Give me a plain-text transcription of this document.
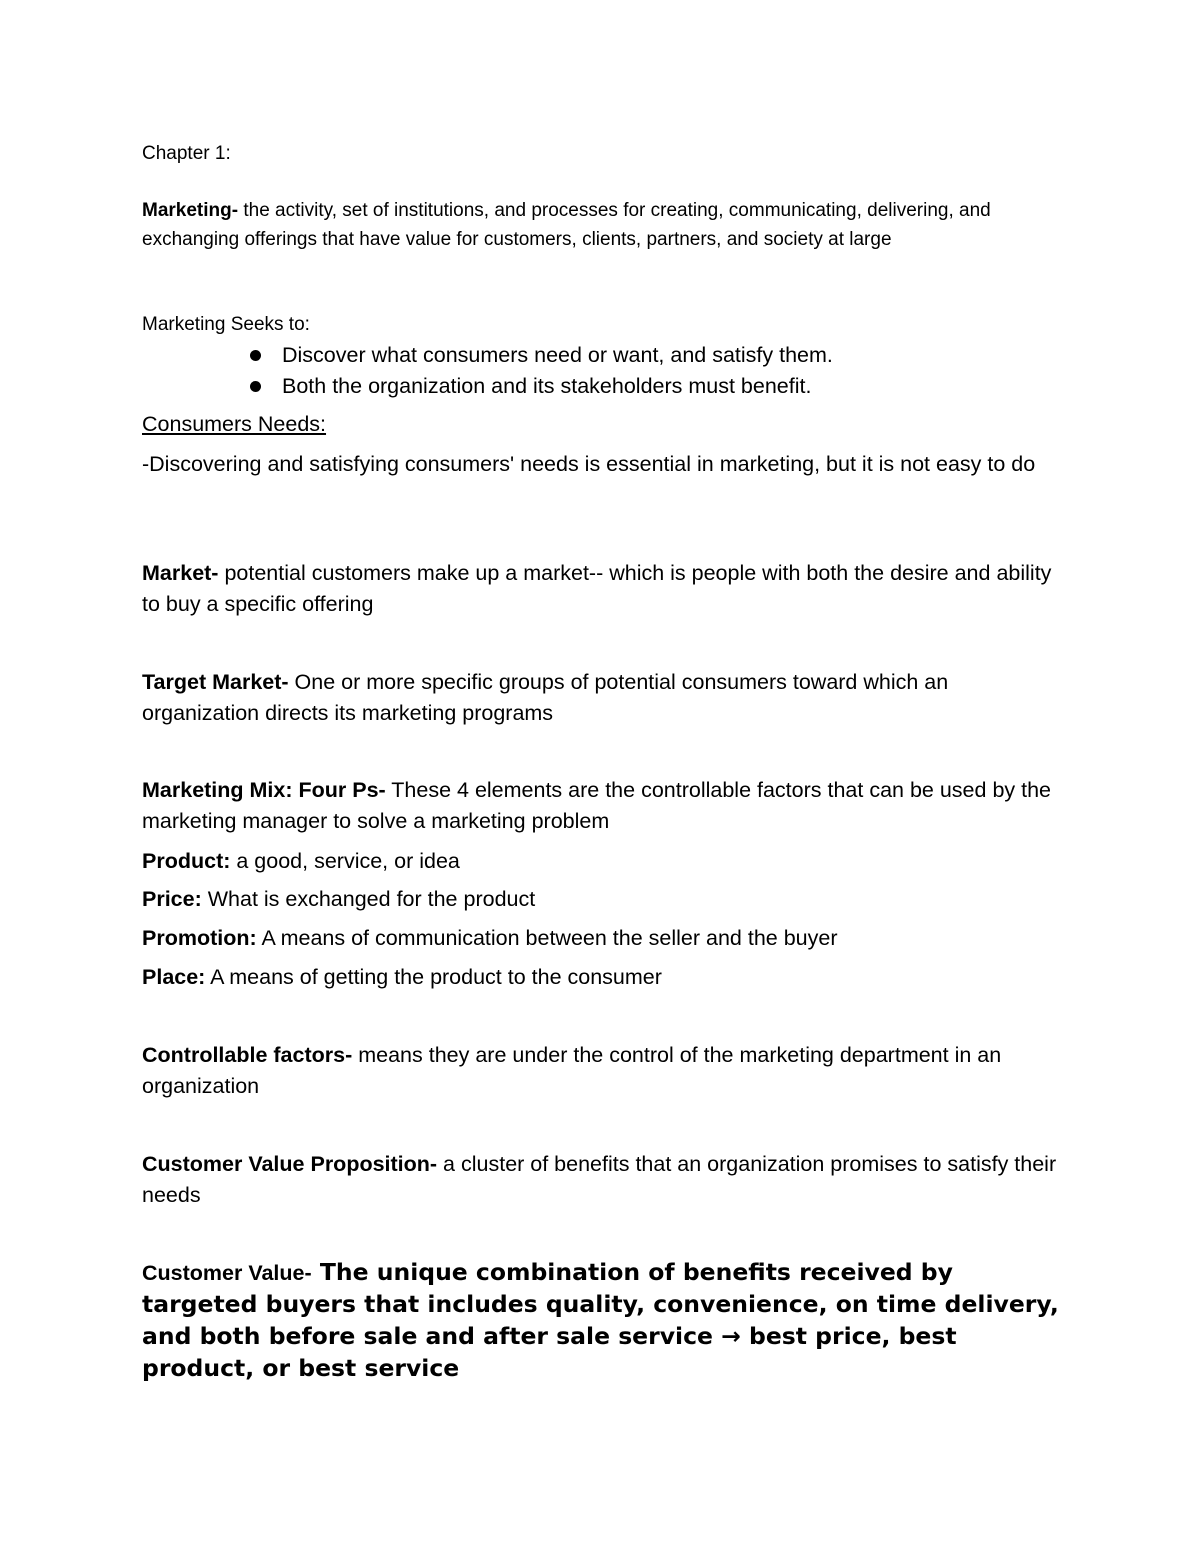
Chapter 1:

Marketing- the activity, set of institutions, and processes for creating, communicating, delivering, and exchanging offerings that have value for customers, clients, partners, and society at large

Marketing Seeks to:

Discover what consumers need or want, and satisfy them.
Both the organization and its stakeholders must benefit.

Consumers Needs:

-Discovering and satisfying consumers' needs is essential in marketing, but it is not easy to do

Market- potential customers make up a market-- which is people with both the desire and ability to buy a specific offering

Target Market- One or more specific groups of potential consumers toward which an organization directs its marketing programs

Marketing Mix: Four Ps- These 4 elements are the controllable factors that can be used by the marketing manager to solve a marketing problem

Product: a good, service, or idea

Price: What is exchanged for the product

Promotion: A means of communication between the seller and the buyer

Place: A means of getting the product to the consumer

Controllable factors- means they are under the control of the marketing department in an organization

Customer Value Proposition- a cluster of benefits that an organization promises to satisfy their needs

Customer Value- The unique combination of benefits received by targeted buyers that includes quality, convenience, on time delivery, and both before sale and after sale service → best price, best product, or best service
